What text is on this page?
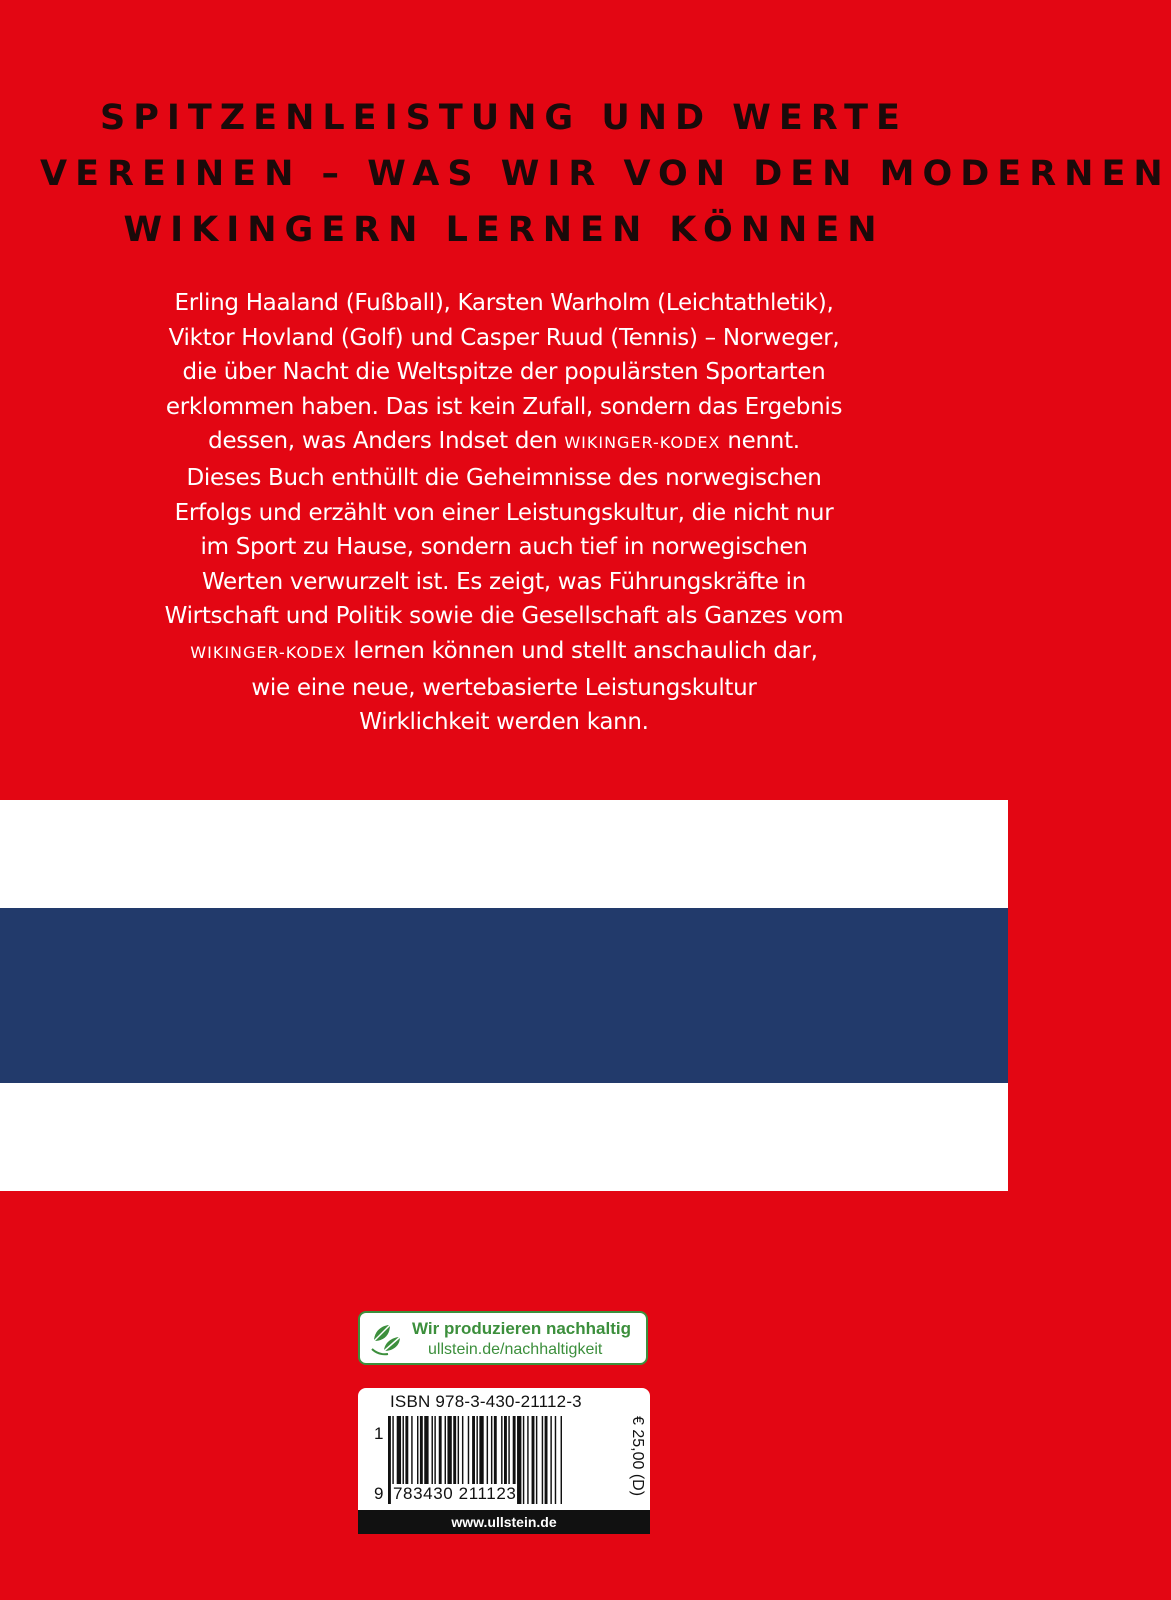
SPITZENLEISTUNG UND WERTE
VEREINEN – WAS WIR VON DEN MODERNEN
WIKINGERN LERNEN KÖNNEN
Erling Haaland (Fußball), Karsten Warholm (Leichtathletik),
Viktor Hovland (Golf) und Casper Ruud (Tennis) – Norweger,
die über Nacht die Weltspitze der populärsten Sportarten
erklommen haben. Das ist kein Zufall, sondern das Ergebnis
dessen, was Anders Indset den WIKINGER-KODEX nennt.
Dieses Buch enthüllt die Geheimnisse des norwegischen
Erfolgs und erzählt von einer Leistungskultur, die nicht nur
im Sport zu Hause, sondern auch tief in norwegischen
Werten verwurzelt ist. Es zeigt, was Führungskräfte in
Wirtschaft und Politik sowie die Gesellschaft als Ganzes vom
WIKINGER-KODEX lernen können und stellt anschaulich dar,
wie eine neue, wertebasierte Leistungskultur
Wirklichkeit werden kann.
Wir produzieren nachhaltig
ullstein.de/nachhaltigkeit
ISBN 978-3-430-21112-3
1
9 783430 211123	€ 25,00 (D)
www.ullstein.de
